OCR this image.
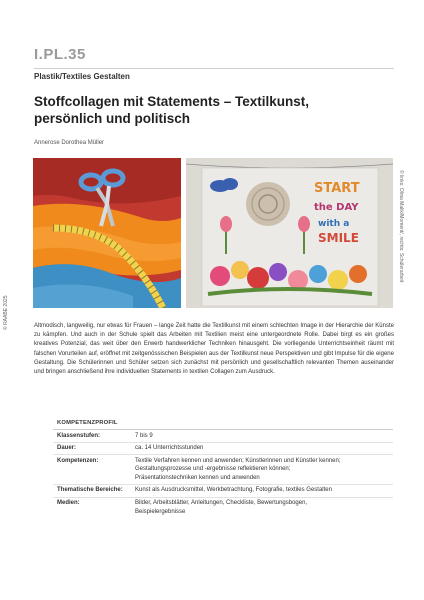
I.PL.35
Plastik/Textiles Gestalten
Stoffcollagen mit Statements – Textilkunst,
persönlich und politisch
Annerose Dorothea Müller
© RAABE 2025
© links: Olma Malik/Moment/, rechts: Schülerarbeit
START
the DAY
with a
SMILE
Altmodisch, langweilig, nur etwas für Frauen – lange Zeit hatte die Textilkunst mit einem schlechten Image in der Hierarchie der Künste zu kämpfen. Und auch in der Schule spielt das Arbeiten mit Textilien meist eine untergeordnete Rolle. Dabei birgt es ein großes kreatives Potenzial, das weit über den Erwerb handwerklicher Techniken hinausgeht. Die vorliegende Unterrichtseinheit räumt mit falschen Vorurteilen auf, eröffnet mit zeitgenössischen Beispielen aus der Textilkunst neue Perspektiven und gibt Impulse für die eigene Gestaltung. Die Schülerinnen und Schüler setzen sich zunächst mit persönlich und gesellschaftlich relevanten Themen auseinander und bringen anschließend ihre individuellen Statements in textilen Collagen zum Ausdruck.
KOMPETENZPROFIL
Klassenstufen:	7 bis 9
Dauer:	ca. 14 Unterrichtsstunden
Kompetenzen:	Textile Verfahren kennen und anwenden; Künstlerinnen und Künstler kennen; Gestaltungsprozesse und -ergebnisse reflektieren können; Präsentationstechniken kennen und anwenden
Thematische Bereiche:	Kunst als Ausdrucksmittel, Werkbetrachtung, Fotografie, textiles Gestalten
Medien:	Bilder, Arbeitsblätter, Anleitungen, Checkliste, Bewertungsbogen, Beispielergebnisse
